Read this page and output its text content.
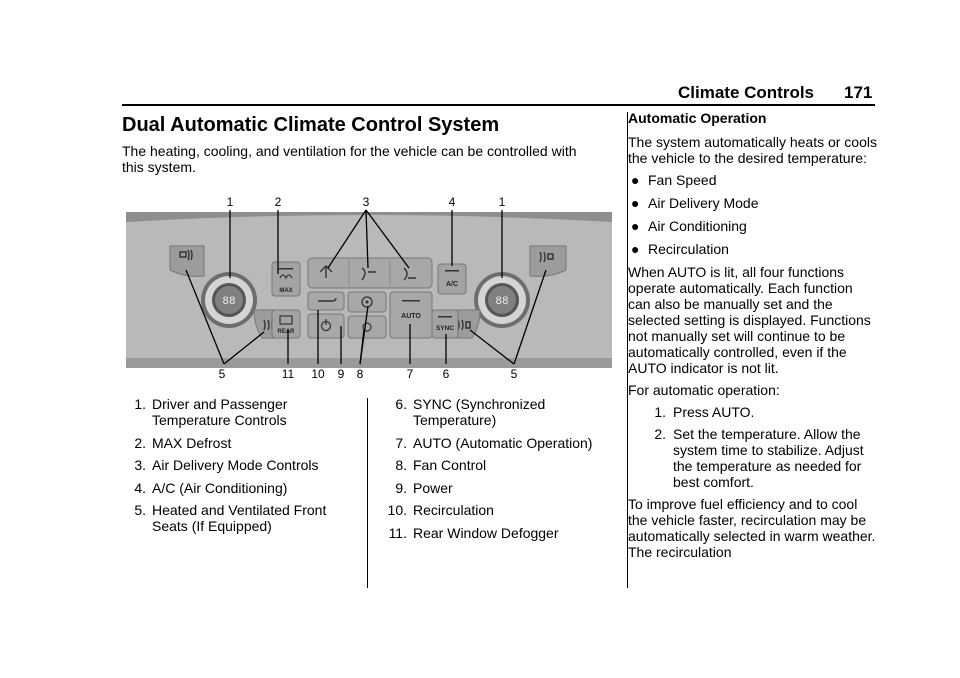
Climate Controls 171
Dual Automatic Climate Control System
The heating, cooling, and ventilation for the vehicle can be controlled with this system.
88	88
MAX
REAR
AUTO
A/C
SYNC
1	2	3	4	1
5	11 10 9 8	7 6	5
1. Driver and Passenger Temperature Controls
2. MAX Defrost
3. Air Delivery Mode Controls
4. A/C (Air Conditioning)
5. Heated and Ventilated Front Seats (If Equipped)
6. SYNC (Synchronized Temperature)
7. AUTO (Automatic Operation)
8. Fan Control
9. Power
10. Recirculation
11. Rear Window Defogger

Automatic Operation

The system automatically heats or cools the vehicle to the desired temperature:

● Fan Speed
● Air Delivery Mode
● Air Conditioning
● Recirculation

When AUTO is lit, all four functions operate automatically. Each function can also be manually set and the selected setting is displayed. Functions not manually set will continue to be automatically controlled, even if the AUTO indicator is not lit.

For automatic operation:

1. Press AUTO.
2. Set the temperature. Allow the system time to stabilize. Adjust the temperature as needed for best comfort.

To improve fuel efficiency and to cool the vehicle faster, recirculation may be automatically selected in warm weather. The recirculation
